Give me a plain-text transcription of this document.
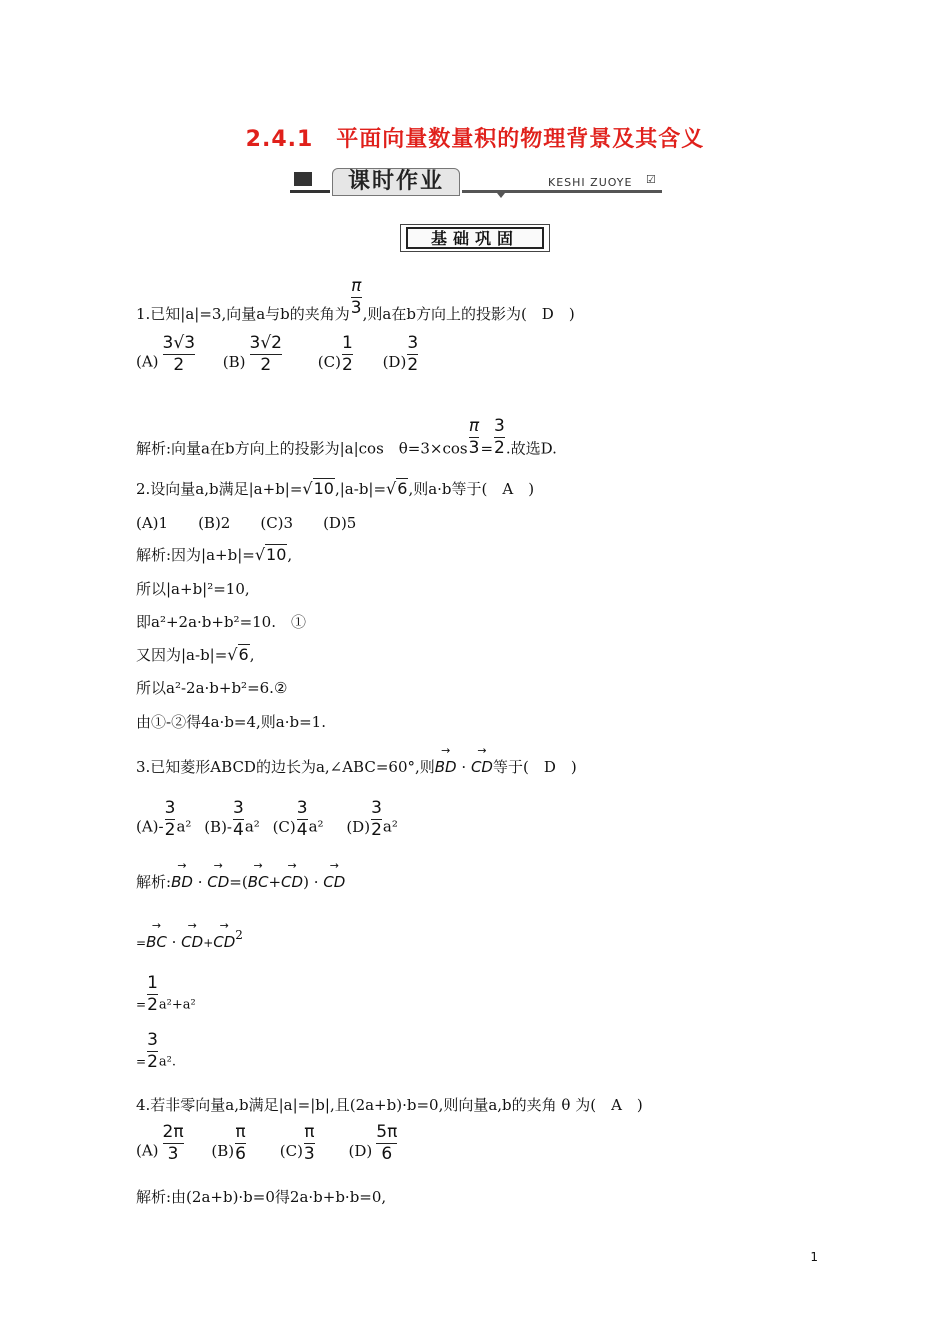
2.4.1　平面向量数量积的物理背景及其含义
课时作业	KESHI ZUOYE ☑
基础巩固
1.已知|a|=3,向量a与b的夹角为 $\frac{\pi}{3}$ ,则a在b方向上的投影为(　D　)
$(A) \frac{3√3}{2} (B) \frac{3√2}{2} (C) \frac{1}{2} (D) \frac{3}{2}$
解析:向量a在b方向上的投影为|a|cos　$\theta=3\times\cos \frac{\pi}{3} = \frac{3}{2}$ .故选D.
2.设向量a,b满足|a+b|=√10,|a-b|=√6,则a·b等于(　A　)
(A)1　　(B)2　　(C)3　　(D)5
解析:因为|a+b|=√10,
所以|a+b|²=10,
即a²+2a·b+b²=10.　①
又因为|a-b|=√6,
所以a²-2a·b+b²=6.②
由①-②得4a·b=4,则a·b=1.
3.已知菱形ABCD的边长为a,∠ABC=60°,则→ BD · → CD等于(　D　)
$(A)- \frac{3}{2} a^2$ $(B)- \frac{3}{4} a^2$ $(C) \frac{3}{4} a^2$ $(D) \frac{3}{2} a^2$
解析:→ BD · → CD=(→ BC+→ CD) · → CD
=→ BC · → $CD+\to CD^2$
$_= \frac{1}{2} a^2+a^2$
$_= \frac{3}{2} a^2$.
4.若非零向量a,b满足|a|=|b|,且(2a+b)·b=0,则向量a,b的夹角 θ 为(　A　)
$(A) \frac{2\pi}{3} (B) \frac{\pi}{6} (C) \frac{\pi}{3} (D) \frac{5\pi}{6}$
解析:由(2a+b)·b=0得2a·b+b·b=0,
1
